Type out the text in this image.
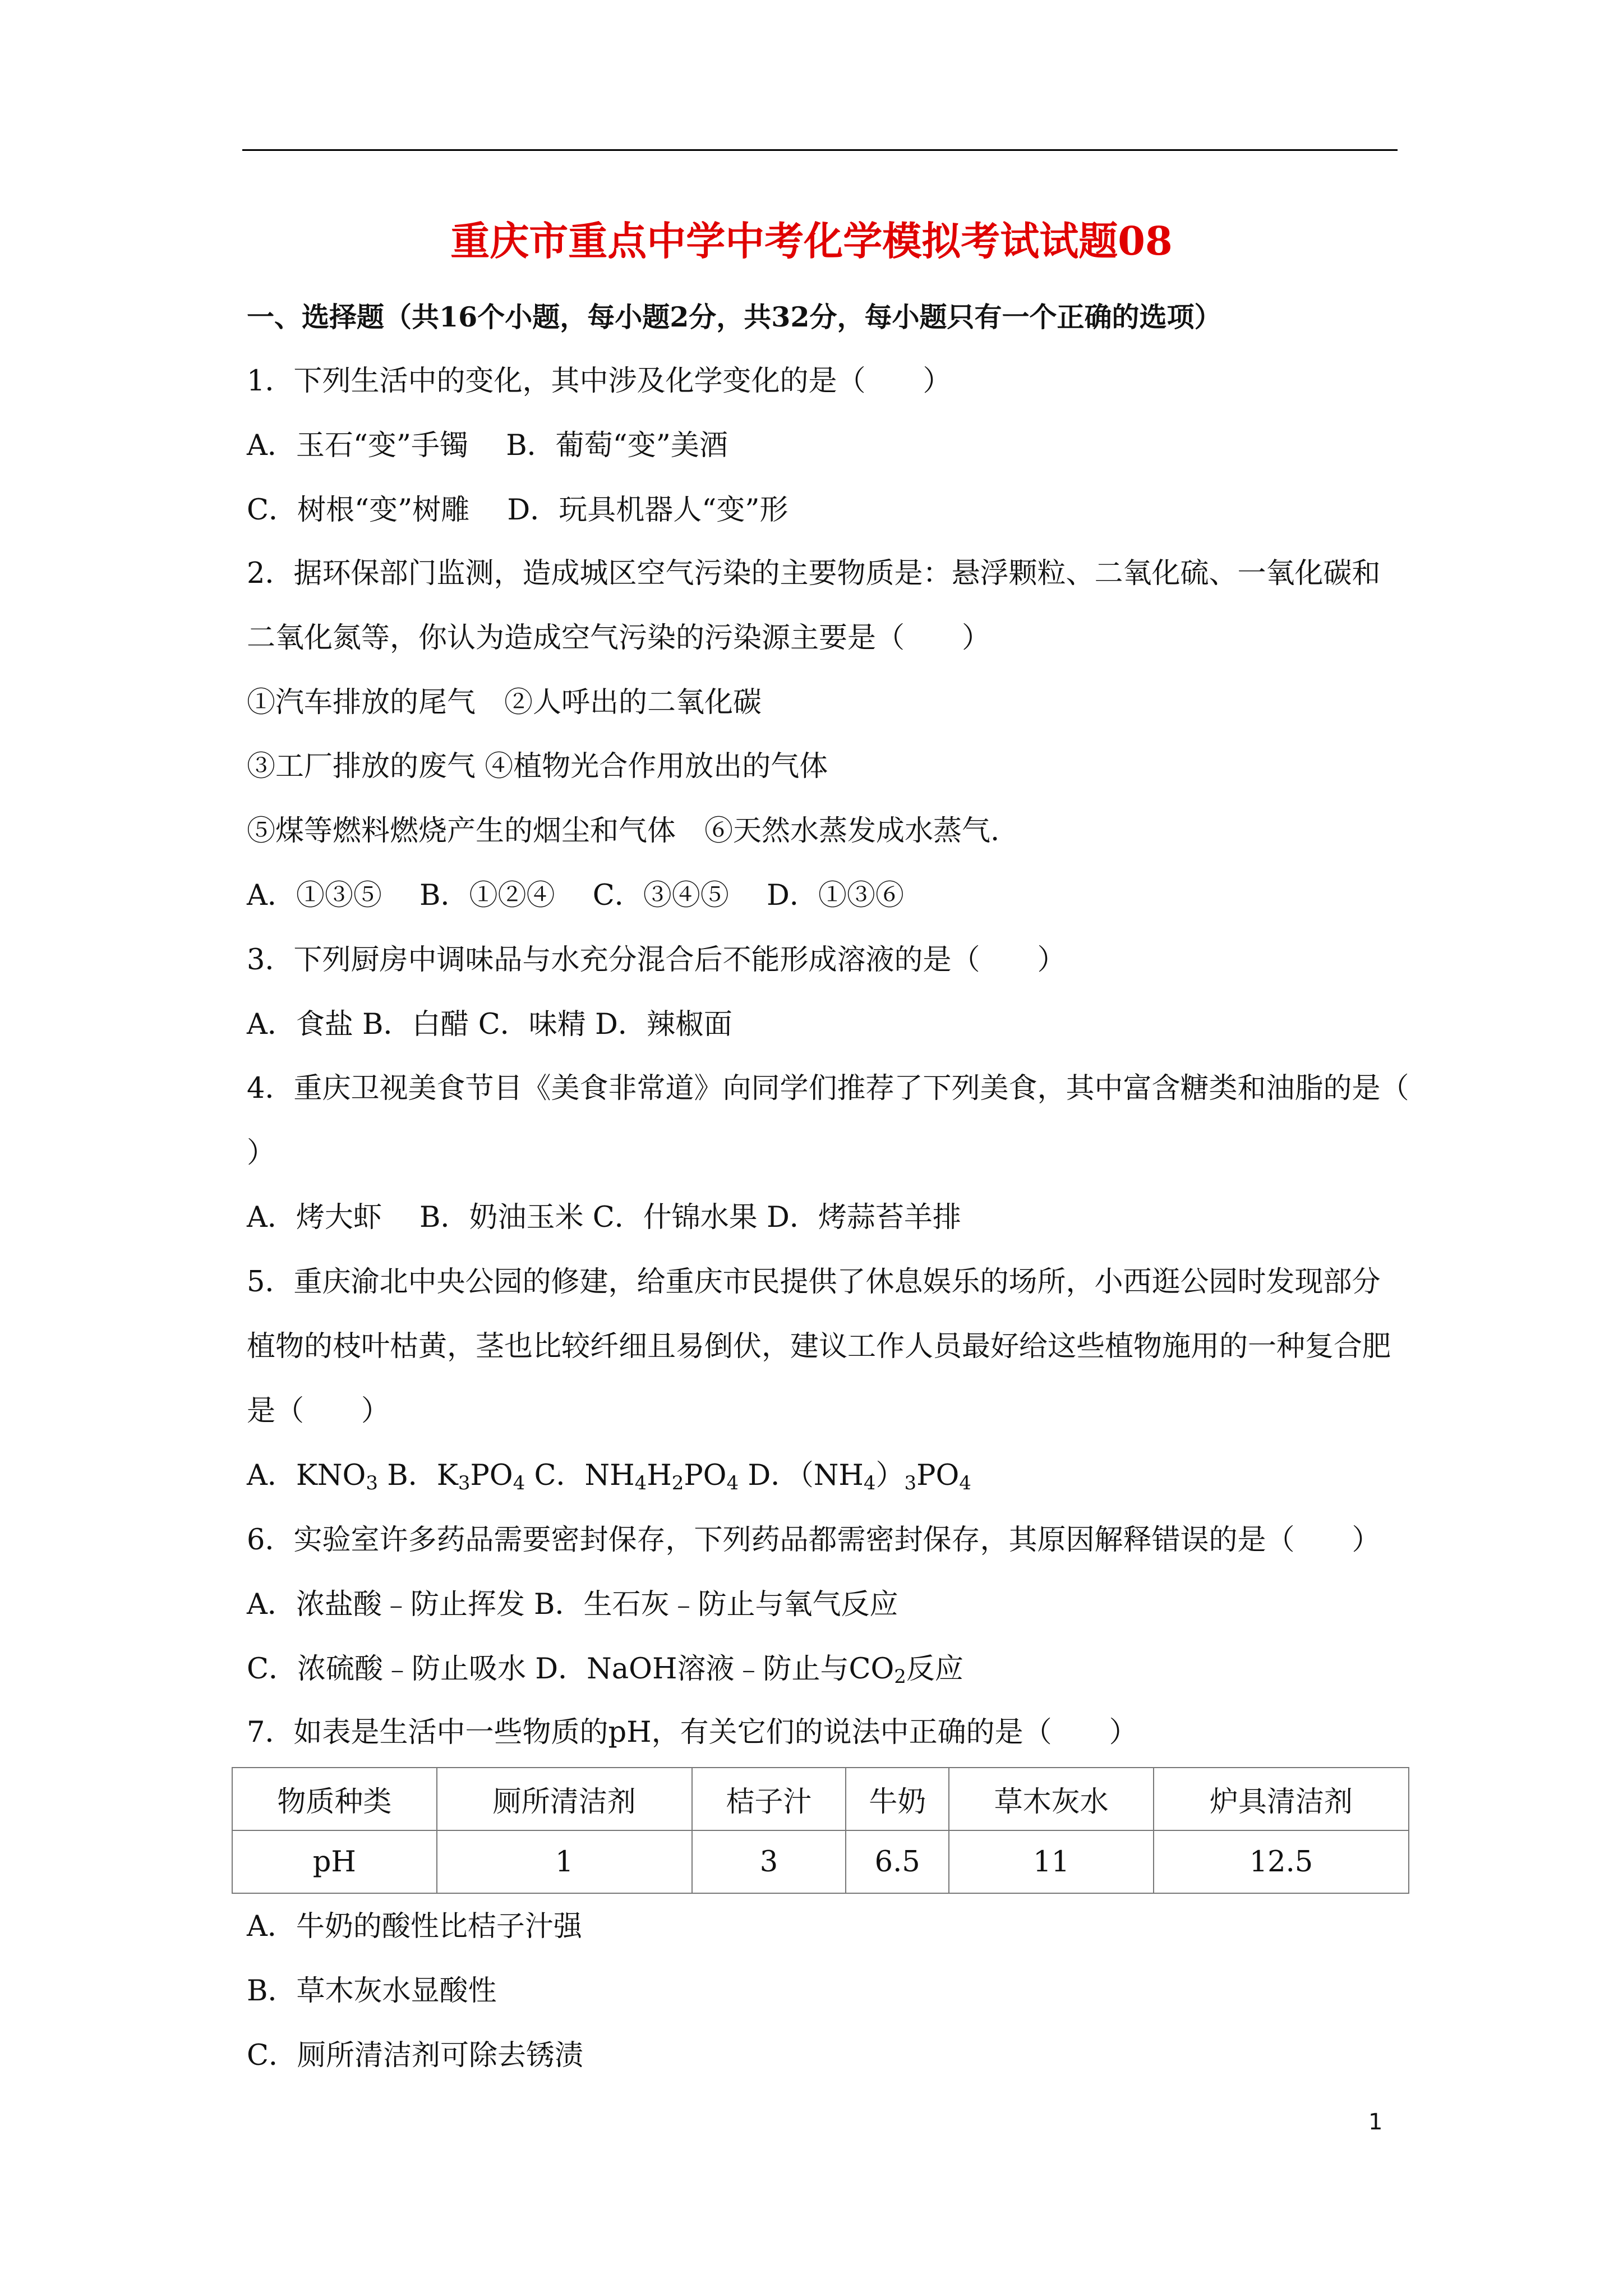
重庆市重点中学中考化学模拟考试试题08
一、选择题（共16个小题，每小题2分，共32分，每小题只有一个正确的选项）
1．下列生活中的变化，其中涉及化学变化的是（　　）
A．玉石“变”手镯　 B．葡萄“变”美酒
C．树根“变”树雕　 D．玩具机器人“变”形
2．据环保部门监测，造成城区空气污染的主要物质是：悬浮颗粒、二氧化硫、一氧化碳和
二氧化氮等，你认为造成空气污染的污染源主要是（　　）
①汽车排放的尾气　②人呼出的二氧化碳
③工厂排放的废气 ④植物光合作用放出的气体
⑤煤等燃料燃烧产生的烟尘和气体　⑥天然水蒸发成水蒸气.
A．①③⑤　 B．①②④　 C．③④⑤　 D．①③⑥
3．下列厨房中调味品与水充分混合后不能形成溶液的是（　　）
A．食盐 B．白醋 C．味精 D．辣椒面
4．重庆卫视美食节目《美食非常道》向同学们推荐了下列美食，其中富含糖类和油脂的是（
）
A．烤大虾　 B．奶油玉米 C．什锦水果 D．烤蒜苔羊排
5．重庆渝北中央公园的修建，给重庆市民提供了休息娱乐的场所，小西逛公园时发现部分
植物的枝叶枯黄，茎也比较纤细且易倒伏，建议工作人员最好给这些植物施用的一种复合肥
是（　　）
A．$KNO_3$ B．$K_3PO_4$ C．$NH_4H_2PO_4$ D．$(NH_4)_3PO_4$
6．实验室许多药品需要密封保存，下列药品都需密封保存，其原因解释错误的是（　　）
A．浓盐酸﹣防止挥发 B．生石灰﹣防止与氧气反应
C．浓硫酸﹣防止吸水 D．NaOH溶液﹣防止与$CO_2$反应
7．如表是生活中一些物质的pH，有关它们的说法中正确的是（　　）
物质种类	厕所清洁剂	桔子汁	牛奶	草木灰水	炉具清洁剂
pH	1	3	6.5	11	12.5
A．牛奶的酸性比桔子汁强
B．草木灰水显酸性
C．厕所清洁剂可除去锈渍
1
